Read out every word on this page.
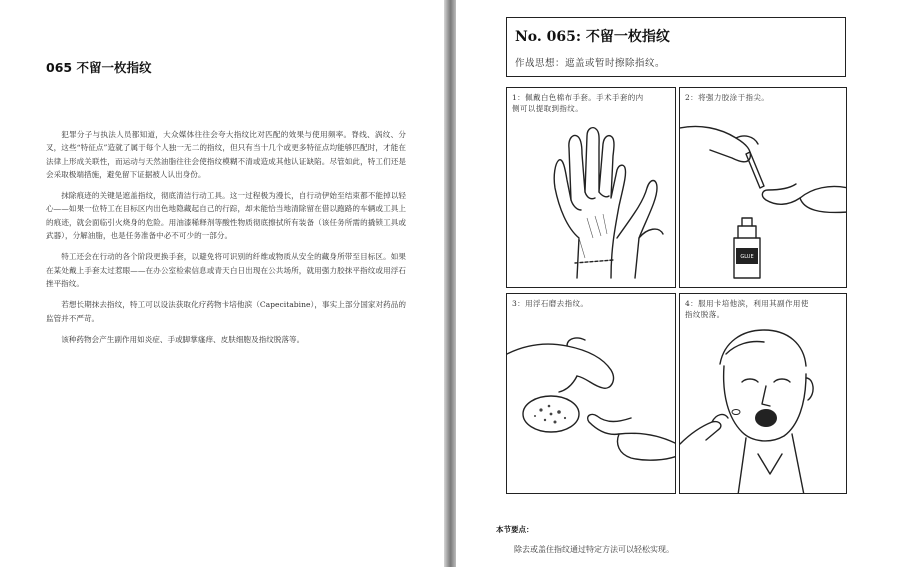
065 不留一枚指纹

犯罪分子与执法人员都知道，大众媒体往往会夸大指纹比对匹配的效果与使用频率。脊线、涡纹、分叉，这些“特征点”造就了属于每个人独一无二的指纹，但只有当十几个或更多特征点均能够匹配时，才能在法律上形成关联性，而运动与天然油脂往往会使指纹模糊不清或造成其他认证缺陷。尽管如此，特工们还是会采取极端措施，避免留下证据被人认出身份。

抹除痕迹的关键是遮盖指纹，彻底清洁行动工具。这一过程极为漫长，自行动伊始至结束都不能掉以轻心——如果一位特工在目标区内出色地隐藏起自己的行踪，却未能恰当地清除留在借以跑路的车辆或工具上的痕迹，就会面临引火烧身的危险。用油漆稀释剂等酸性物质彻底擦拭所有装备（该任务所需的撬锁工具或武器），分解油脂，也是任务准备中必不可少的一部分。

特工还会在行动的各个阶段更换手套，以避免将可识别的纤维或物质从安全的藏身所带至目标区。如果在某处戴上手套太过惹眼——在办公室检索信息或青天白日出现在公共场所，就用强力胶抹平指纹或用浮石挫平指纹。

若想长期抹去指纹，特工可以设法获取化疗药物卡培他滨（Capecitabine），事实上部分国家对药品的监管并不严苛。

该种药物会产生副作用如炎症、手或脚掌瘙痒、皮肤细胞及指纹脱落等。

No. 065: 不留一枚指纹
作战思想：遮盖或暂时擦除指纹。
1：佩戴白色棉布手套。手术手套的内
侧可以提取到指纹。
GLUE
2：将强力胶涂于指尖。
3：用浮石磨去指纹。	4：服用卡培他滨，利用其副作用使
指纹脱落。
本节要点：
除去或盖住指纹通过特定方法可以轻松实现。
